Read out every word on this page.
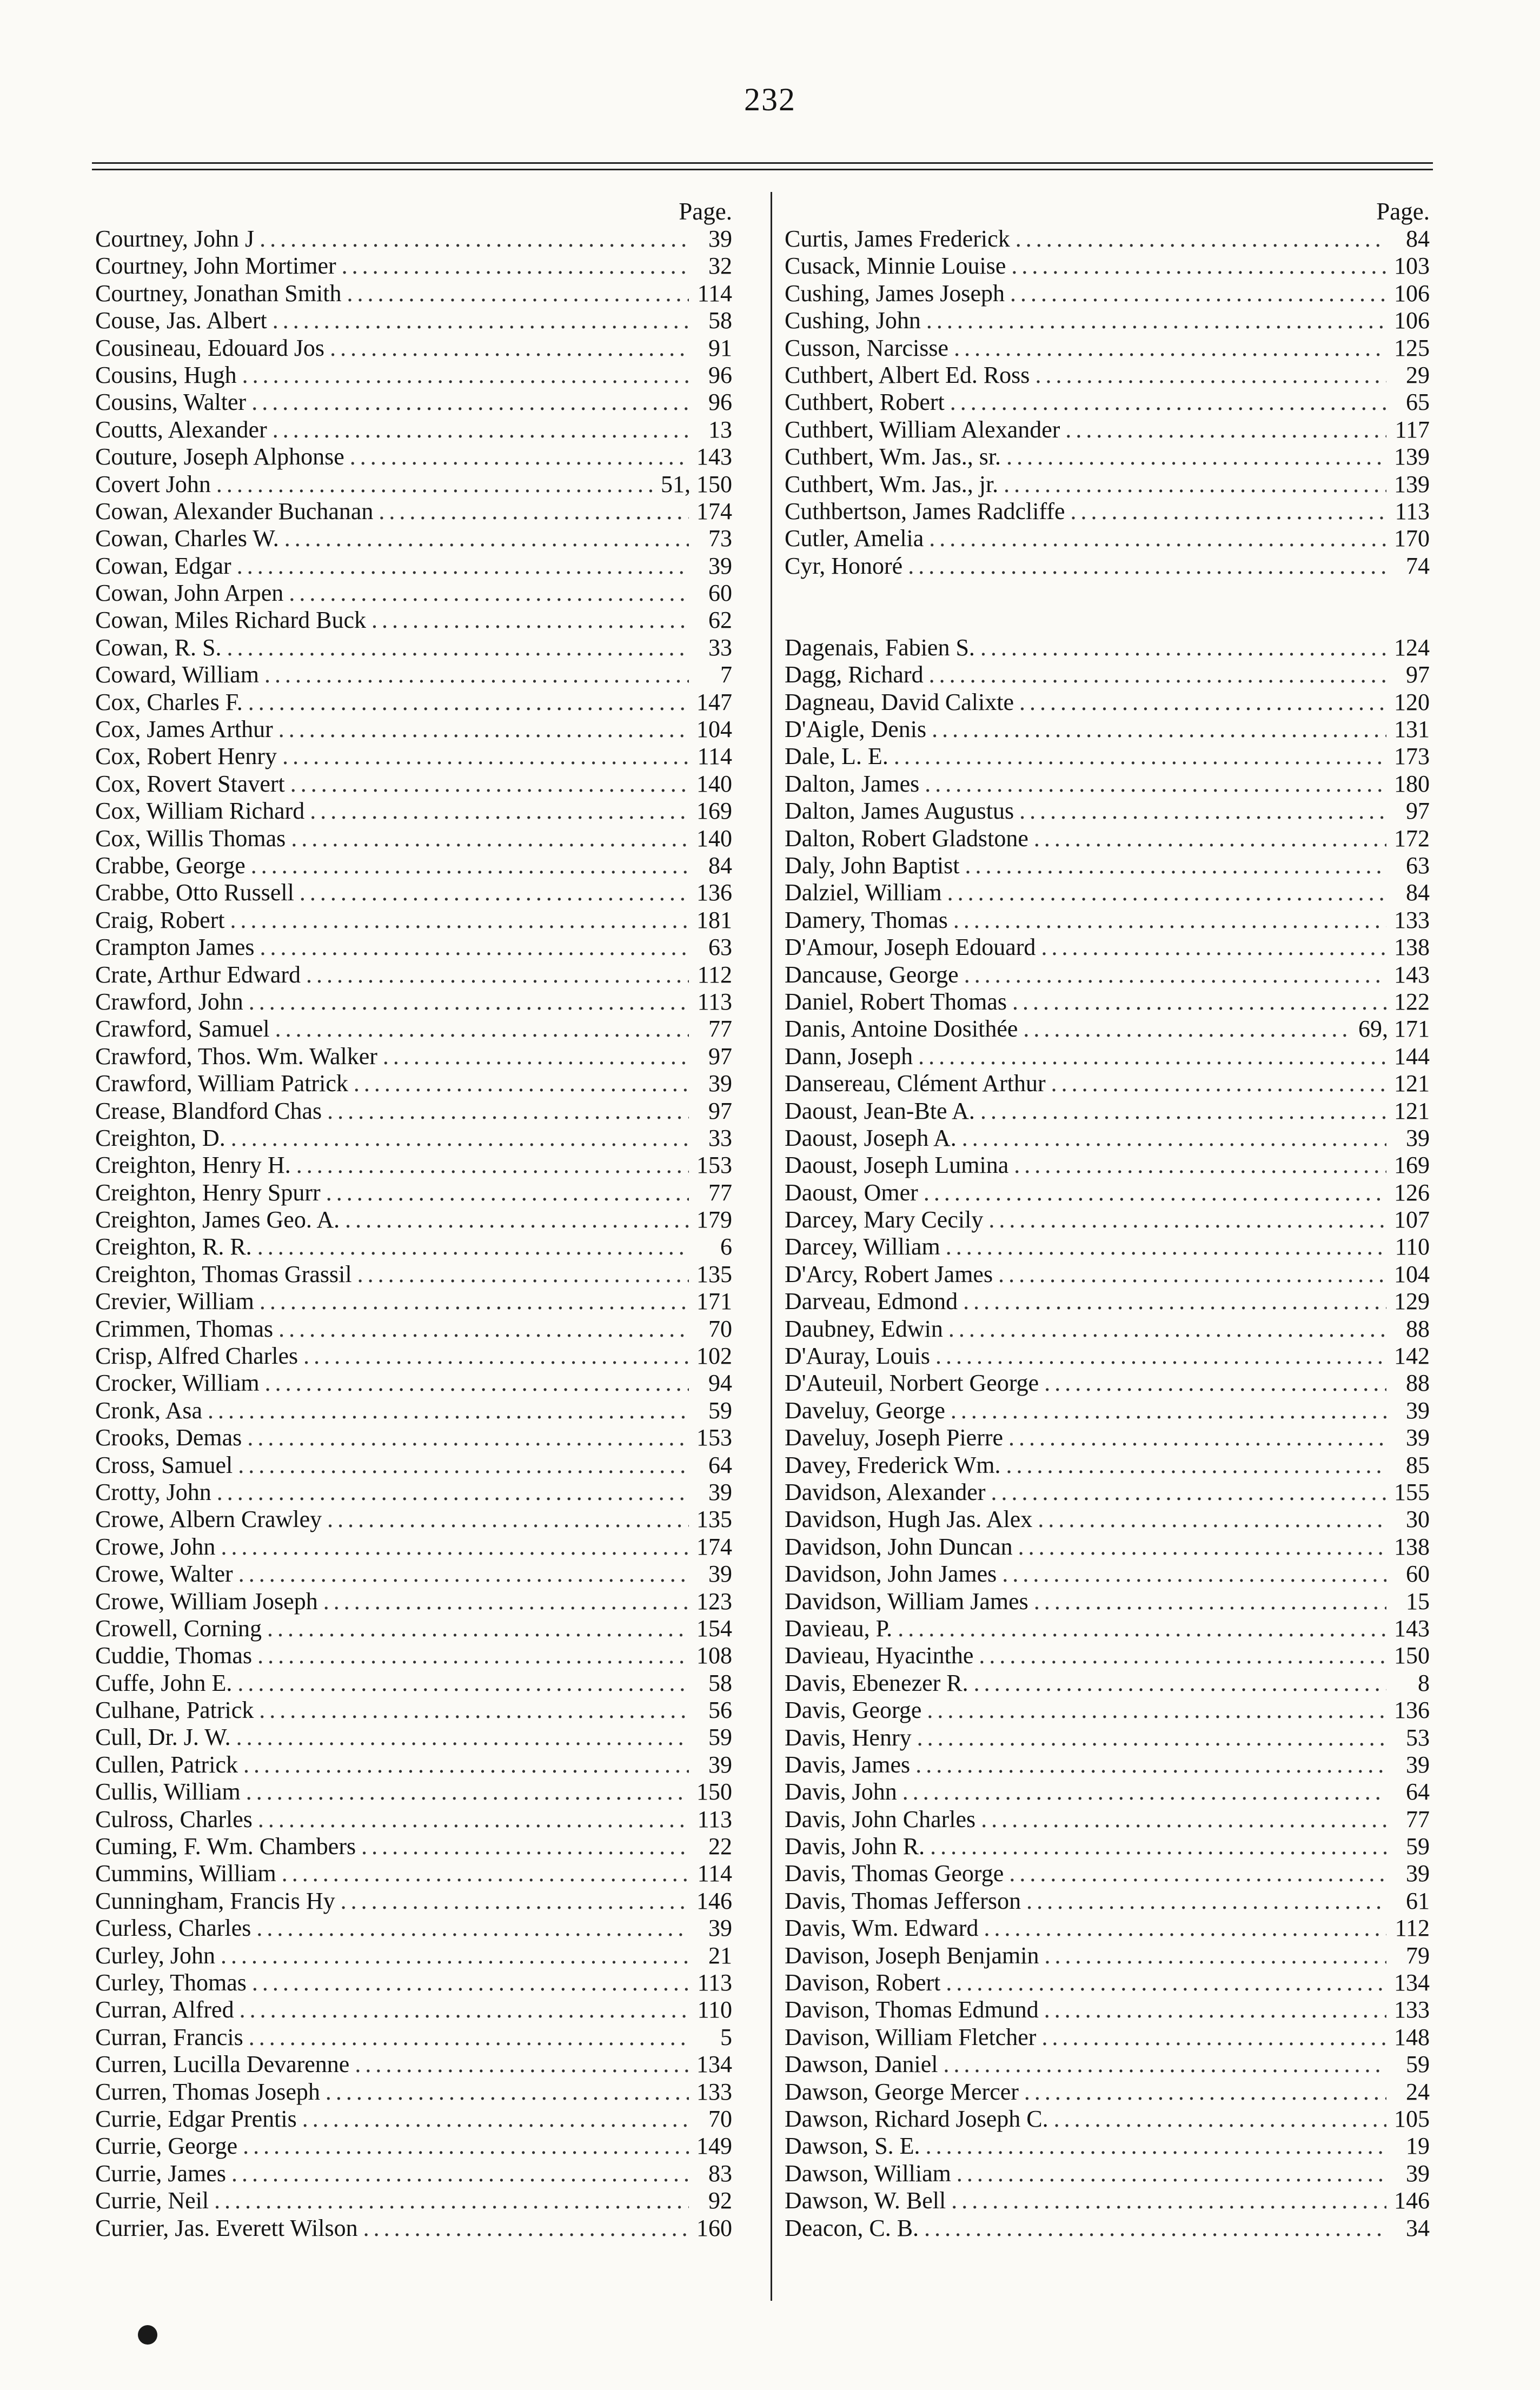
232
Page.
Courtney, John J .....	39
Courtney, John Mortimer .....	32
Courtney, Jonathan Smith .....	114
Couse, Jas. Albert .....	58
Cousineau, Edouard Jos .....	91
Cousins, Hugh .....	96
Cousins, Walter .....	96
Coutts, Alexander .....	13
Couture, Joseph Alphonse .....	143
Covert John .....	51, 150
Cowan, Alexander Buchanan .....	174
Cowan, Charles W. .....	73
Cowan, Edgar .....	39
Cowan, John Arpen .....	60
Cowan, Miles Richard Buck .....	62
Cowan, R. S. .....	33
Coward, William .....	7
Cox, Charles F. .....	147
Cox, James Arthur .....	104
Cox, Robert Henry .....	114
Cox, Rovert Stavert .....	140
Cox, William Richard .....	169
Cox, Willis Thomas .....	140
Crabbe, George .....	84
Crabbe, Otto Russell .....	136
Craig, Robert .....	181
Crampton James .....	63
Crate, Arthur Edward .....	112
Crawford, John .....	113
Crawford, Samuel .....	77
Crawford, Thos. Wm. Walker .....	97
Crawford, William Patrick .....	39
Crease, Blandford Chas .....	97
Creighton, D. .....	33
Creighton, Henry H. .....	153
Creighton, Henry Spurr .....	77
Creighton, James Geo. A. .....	179
Creighton, R. R. .....	6
Creighton, Thomas Grassil .....	135
Crevier, William .....	171
Crimmen, Thomas .....	70
Crisp, Alfred Charles .....	102
Crocker, William .....	94
Cronk, Asa .....	59
Crooks, Demas .....	153
Cross, Samuel .....	64
Crotty, John .....	39
Crowe, Albern Crawley .....	135
Crowe, John .....	174
Crowe, Walter .....	39
Crowe, William Joseph .....	123
Crowell, Corning .....	154
Cuddie, Thomas .....	108
Cuffe, John E. .....	58
Culhane, Patrick .....	56
Cull, Dr. J. W. .....	59
Cullen, Patrick .....	39
Cullis, William .....	150
Culross, Charles .....	113
Cuming, F. Wm. Chambers .....	22
Cummins, William .....	114
Cunningham, Francis Hy .....	146
Curless, Charles .....	39
Curley, John .....	21
Curley, Thomas .....	113
Curran, Alfred .....	110
Curran, Francis .....	5
Curren, Lucilla Devarenne .....	134
Curren, Thomas Joseph .....	133
Currie, Edgar Prentis .....	70
Currie, George .....	149
Currie, James .....	83
Currie, Neil .....	92
Currier, Jas. Everett Wilson .....	160
Page.
Curtis, James Frederick .....	84
Cusack, Minnie Louise .....	103
Cushing, James Joseph .....	106
Cushing, John .....	106
Cusson, Narcisse .....	125
Cuthbert, Albert Ed. Ross .....	29
Cuthbert, Robert .....	65
Cuthbert, William Alexander .....	117
Cuthbert, Wm. Jas., sr. .....	139
Cuthbert, Wm. Jas., jr. .....	139
Cuthbertson, James Radcliffe .....	113
Cutler, Amelia .....	170
Cyr, Honoré .....	74
Dagenais, Fabien S. .....	124
Dagg, Richard .....	97
Dagneau, David Calixte .....	120
D'Aigle, Denis .....	131
Dale, L. E. .....	173
Dalton, James .....	180
Dalton, James Augustus .....	97
Dalton, Robert Gladstone .....	172
Daly, John Baptist .....	63
Dalziel, William .....	84
Damery, Thomas .....	133
D'Amour, Joseph Edouard .....	138
Dancause, George .....	143
Daniel, Robert Thomas .....	122
Danis, Antoine Dosithée .....	69, 171
Dann, Joseph .....	144
Dansereau, Clément Arthur .....	121
Daoust, Jean-Bte A. .....	121
Daoust, Joseph A. .....	39
Daoust, Joseph Lumina .....	169
Daoust, Omer .....	126
Darcey, Mary Cecily .....	107
Darcey, William .....	110
D'Arcy, Robert James .....	104
Darveau, Edmond .....	129
Daubney, Edwin .....	88
D'Auray, Louis .....	142
D'Auteuil, Norbert George .....	88
Daveluy, George .....	39
Daveluy, Joseph Pierre .....	39
Davey, Frederick Wm. .....	85
Davidson, Alexander .....	155
Davidson, Hugh Jas. Alex .....	30
Davidson, John Duncan .....	138
Davidson, John James .....	60
Davidson, William James .....	15
Davieau, P. .....	143
Davieau, Hyacinthe .....	150
Davis, Ebenezer R. .....	8
Davis, George .....	136
Davis, Henry .....	53
Davis, James .....	39
Davis, John .....	64
Davis, John Charles .....	77
Davis, John R. .....	59
Davis, Thomas George .....	39
Davis, Thomas Jefferson .....	61
Davis, Wm. Edward .....	112
Davison, Joseph Benjamin .....	79
Davison, Robert .....	134
Davison, Thomas Edmund .....	133
Davison, William Fletcher .....	148
Dawson, Daniel .....	59
Dawson, George Mercer .....	24
Dawson, Richard Joseph C. .....	105
Dawson, S. E. .....	19
Dawson, William .....	39
Dawson, W. Bell .....	146
Deacon, C. B. .....	34
